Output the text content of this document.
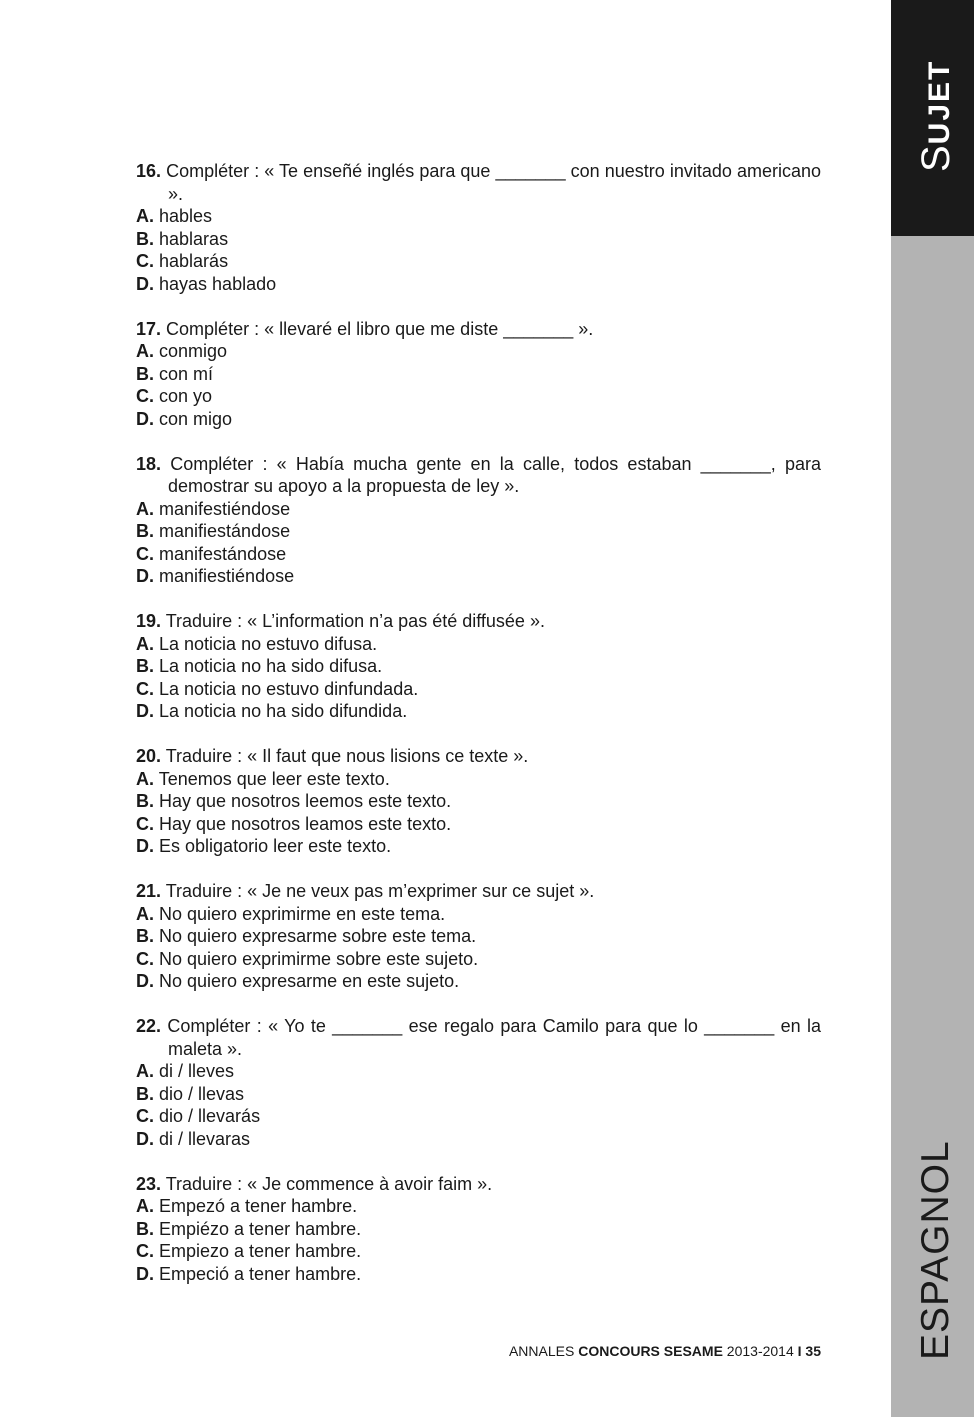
SUJET
ESPAGNOL
16. Compléter : « Te enseñé inglés para que _______ con nuestro invitado americano ».
A. hables
B. hablaras
C. hablarás
D. hayas hablado
17. Compléter : « llevaré el libro que me diste _______ ».
A. conmigo
B. con mí
C. con yo
D. con migo
18. Compléter : « Había mucha gente en la calle, todos estaban _______, para demostrar su apoyo a la propuesta de ley ».
A. manifestiéndose
B. manifiestándose
C. manifestándose
D. manifiestiéndose
19. Traduire : « L’information n’a pas été diffusée ».
A. La noticia no estuvo difusa.
B. La noticia no ha sido difusa.
C. La noticia no estuvo dinfundada.
D. La noticia no ha sido difundida.
20. Traduire : « Il faut que nous lisions ce texte ».
A. Tenemos que leer este texto.
B. Hay que nosotros leemos este texto.
C. Hay que nosotros leamos este texto.
D. Es obligatorio leer este texto.
21. Traduire : « Je ne veux pas m’exprimer sur ce sujet ».
A. No quiero exprimirme en este tema.
B. No quiero expresarme sobre este tema.
C. No quiero exprimirme sobre este sujeto.
D. No quiero expresarme en este sujeto.
22. Compléter : « Yo te _______ ese regalo para Camilo para que lo _______ en la maleta ».
A. di / lleves
B. dio / llevas
C. dio / llevarás
D. di / llevaras
23. Traduire : « Je commence à avoir faim ».
A. Empezó a tener hambre.
B. Empiézo a tener hambre.
C. Empiezo a tener hambre.
D. Empeció a tener hambre.
ANNALES CONCOURS SESAME 2013-2014 I 35
